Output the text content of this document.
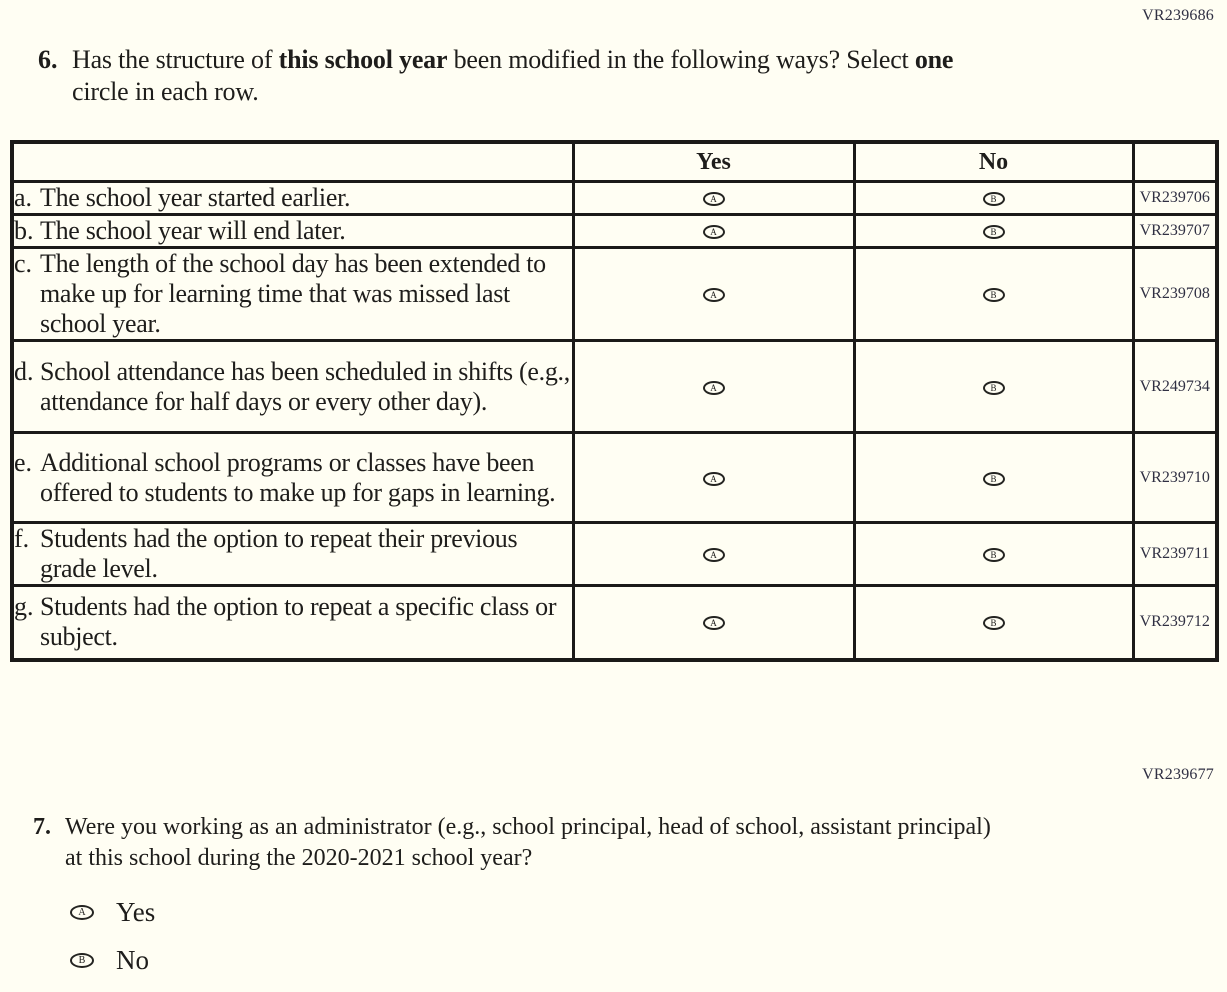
VR239686
6. Has the structure of this school year been modified in the following ways? Select one
circle in each row.
	Yes	No	

a. The school year started earlier.	A	B	VR239706

b. The school year will end later.	A	B	VR239707

c. The length of the school day has been extended to make up for learning time that was missed last school year.	A	B	VR239708

d. School attendance has been scheduled in shifts (e.g., attendance for half days or every other day).	A	B	VR249734

e. Additional school programs or classes have been offered to students to make up for gaps in learning.	A	B	VR239710

f. Students had the option to repeat their previous grade level.	A	B	VR239711

g. Students had the option to repeat a specific class or subject.	A	B	VR239712
VR239677
7. Were you working as an administrator (e.g., school principal, head of school, assistant principal)
at this school during the 2020-2021 school year?
A Yes
B No
